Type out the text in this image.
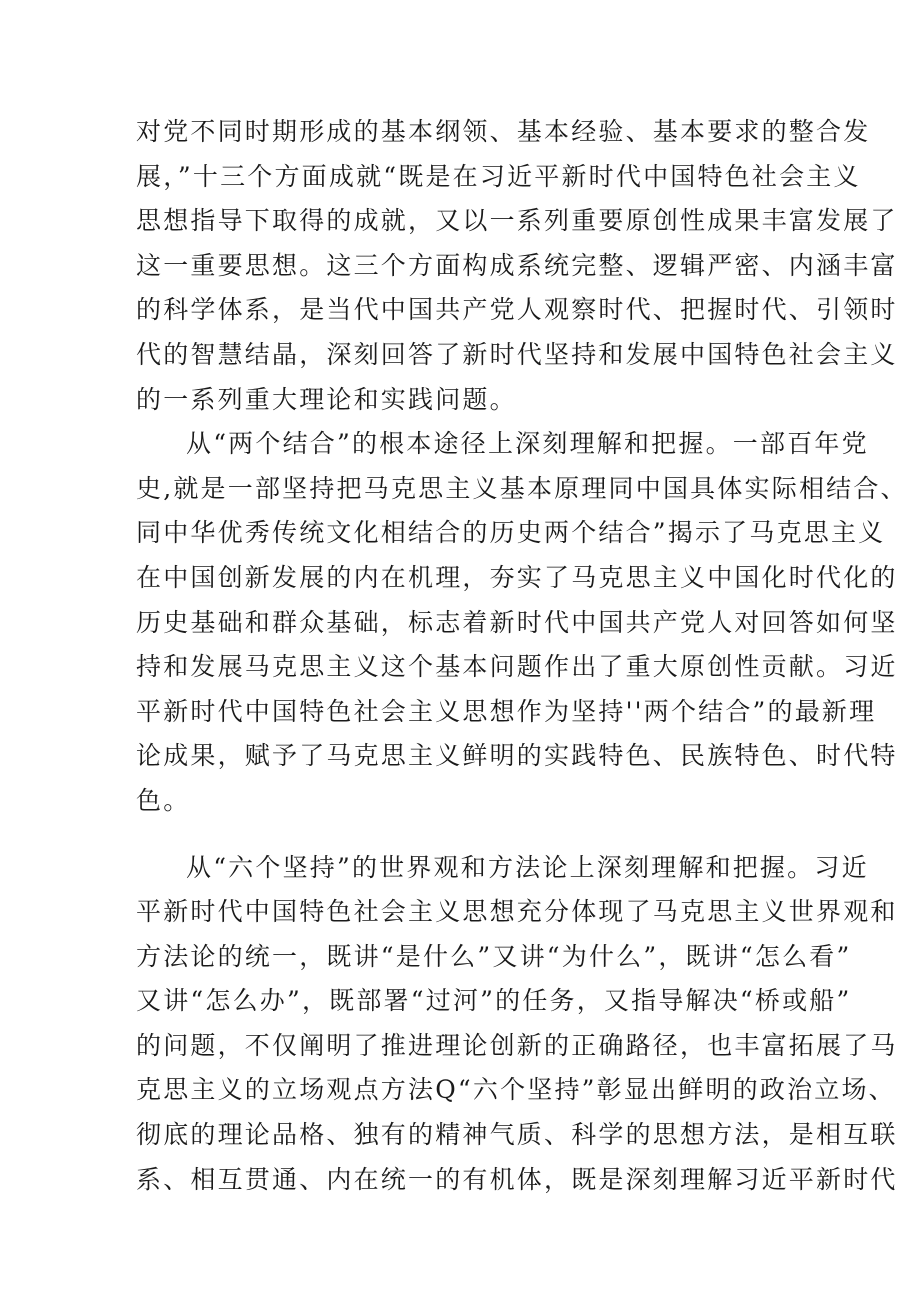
对党不同时期形成的基本纲领、基本经验、基本要求的整合发
展，”十三个方面成就“既是在习近平新时代中国特色社会主义
思想指导下取得的成就，又以一系列重要原创性成果丰富发展了
这一重要思想。这三个方面构成系统完整、逻辑严密、内涵丰富
的科学体系，是当代中国共产党人观察时代、把握时代、引领时
代的智慧结晶，深刻回答了新时代坚持和发展中国特色社会主义
的一系列重大理论和实践问题。
从“两个结合”的根本途径上深刻理解和把握。一部百年党
史,就是一部坚持把马克思主义基本原理同中国具体实际相结合、
同中华优秀传统文化相结合的历史两个结合”揭示了马克思主义
在中国创新发展的内在机理，夯实了马克思主义中国化时代化的
历史基础和群众基础，标志着新时代中国共产党人对回答如何坚
持和发展马克思主义这个基本问题作出了重大原创性贡献。习近
平新时代中国特色社会主义思想作为坚持''两个结合”的最新理
论成果，赋予了马克思主义鲜明的实践特色、民族特色、时代特
色。
从“六个坚持”的世界观和方法论上深刻理解和把握。习近
平新时代中国特色社会主义思想充分体现了马克思主义世界观和
方法论的统一，既讲“是什么”又讲“为什么”，既讲“怎么看”
又讲“怎么办”，既部署“过河”的任务，又指导解决“桥或船”
的问题，不仅阐明了推进理论创新的正确路径，也丰富拓展了马
克思主义的立场观点方法Q“六个坚持”彰显出鲜明的政治立场、
彻底的理论品格、独有的精神气质、科学的思想方法，是相互联
系、相互贯通、内在统一的有机体，既是深刻理解习近平新时代
